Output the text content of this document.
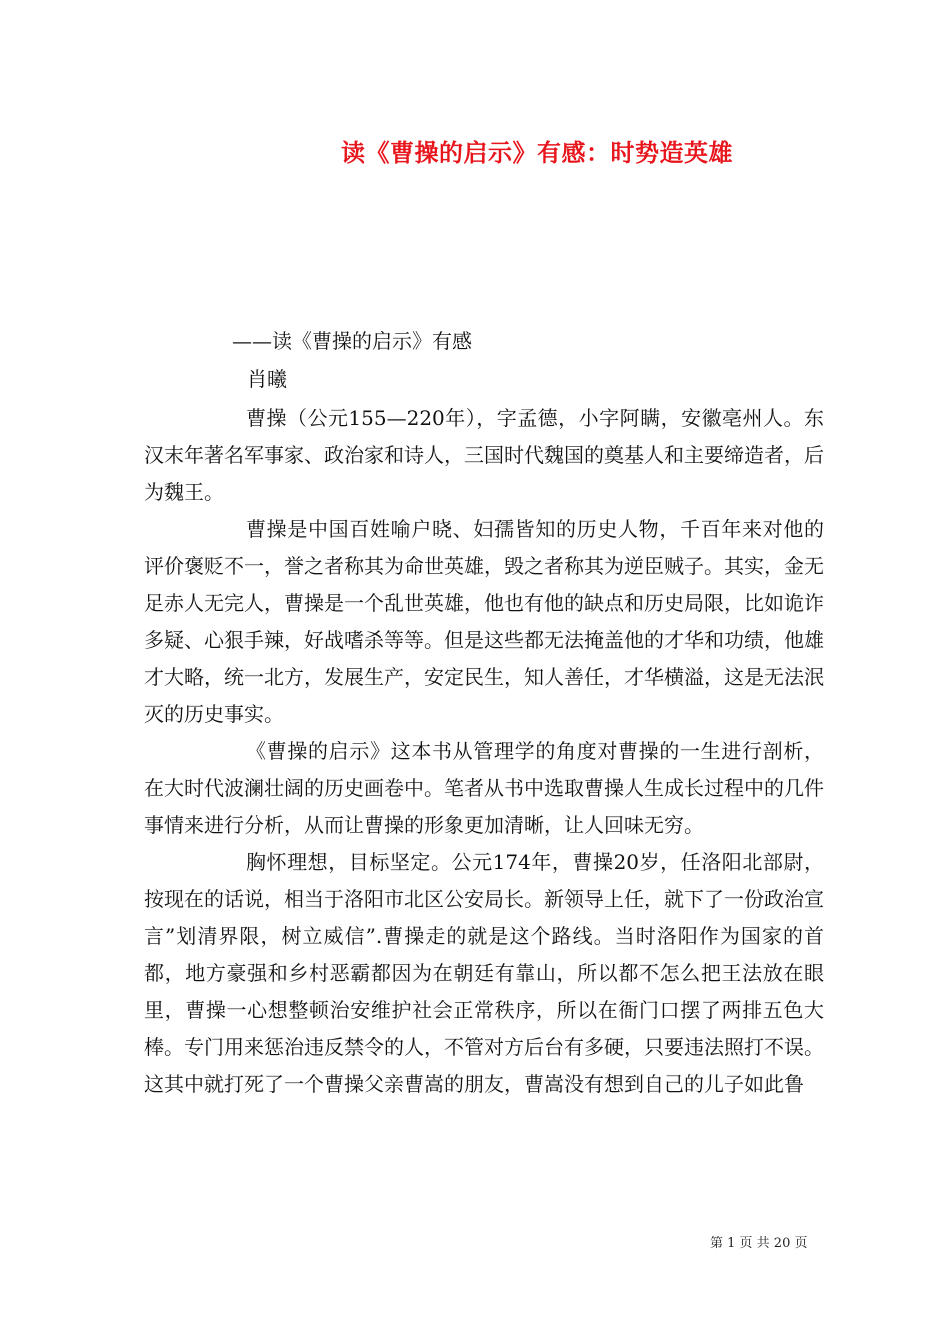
读《曹操的启示》有感：时势造英雄
——读《曹操的启示》有感
肖曦

曹操（公元155—220年），字孟德，小字阿瞒，安徽亳州人。东汉末年著名军事家、政治家和诗人，三国时代魏国的奠基人和主要缔造者，后为魏王。

曹操是中国百姓喻户晓、妇孺皆知的历史人物，千百年来对他的评价褒贬不一，誉之者称其为命世英雄，毁之者称其为逆臣贼子。其实，金无足赤人无完人，曹操是一个乱世英雄，他也有他的缺点和历史局限，比如诡诈多疑、心狠手辣，好战嗜杀等等。但是这些都无法掩盖他的才华和功绩，他雄才大略，统一北方，发展生产，安定民生，知人善任，才华横溢，这是无法泯灭的历史事实。

《曹操的启示》这本书从管理学的角度对曹操的一生进行剖析，在大时代波澜壮阔的历史画卷中。笔者从书中选取曹操人生成长过程中的几件事情来进行分析，从而让曹操的形象更加清晰，让人回味无穷。

胸怀理想，目标坚定。公元174年，曹操20岁，任洛阳北部尉，按现在的话说，相当于洛阳市北区公安局长。新领导上任，就下了一份政治宣言”划清界限，树立威信”.曹操走的就是这个路线。当时洛阳作为国家的首都，地方豪强和乡村恶霸都因为在朝廷有靠山，所以都不怎么把王法放在眼里，曹操一心想整顿治安维护社会正常秩序，所以在衙门口摆了两排五色大棒。专门用来惩治违反禁令的人，不管对方后台有多硬，只要违法照打不误。这其中就打死了一个曹操父亲曹嵩的朋友，曹嵩没有想到自己的儿子如此鲁

第 1 页 共 20 页
